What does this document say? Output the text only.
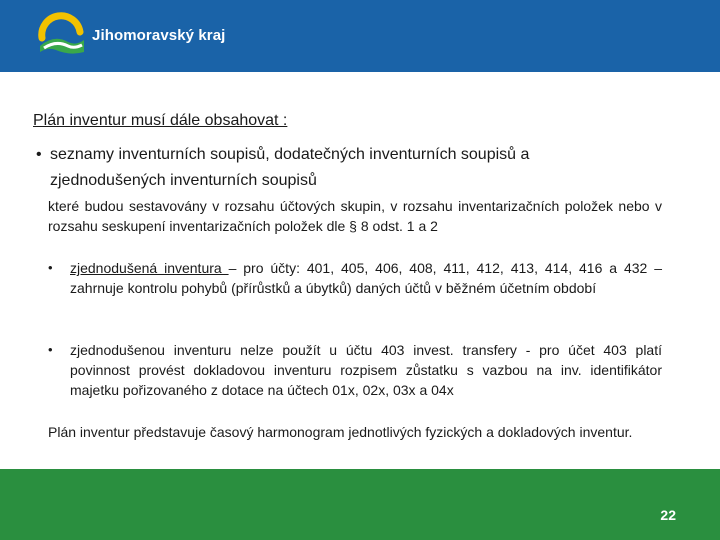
Jihomoravský kraj
Plán inventur musí dále obsahovat :
• seznamy inventurních soupisů, dodatečných inventurních soupisů a
zjednodušených inventurních soupisů
které budou sestavovány v rozsahu účtových skupin, v rozsahu inventarizačních položek nebo v rozsahu seskupení inventarizačních položek dle § 8 odst. 1 a 2
• zjednodušená inventura – pro účty: 401, 405, 406, 408, 411, 412, 413, 414, 416 a 432 – zahrnuje kontrolu pohybů (přírůstků a úbytků) daných účtů v běžném účetním období
• zjednodušenou inventuru nelze použít u účtu 403 invest. transfery - pro účet 403 platí povinnost provést dokladovou inventuru rozpisem zůstatku s vazbou na inv. identifikátor majetku pořizovaného z dotace na účtech 01x, 02x, 03x a 04x
Plán inventur představuje časový harmonogram jednotlivých fyzických a dokladových inventur.
22
